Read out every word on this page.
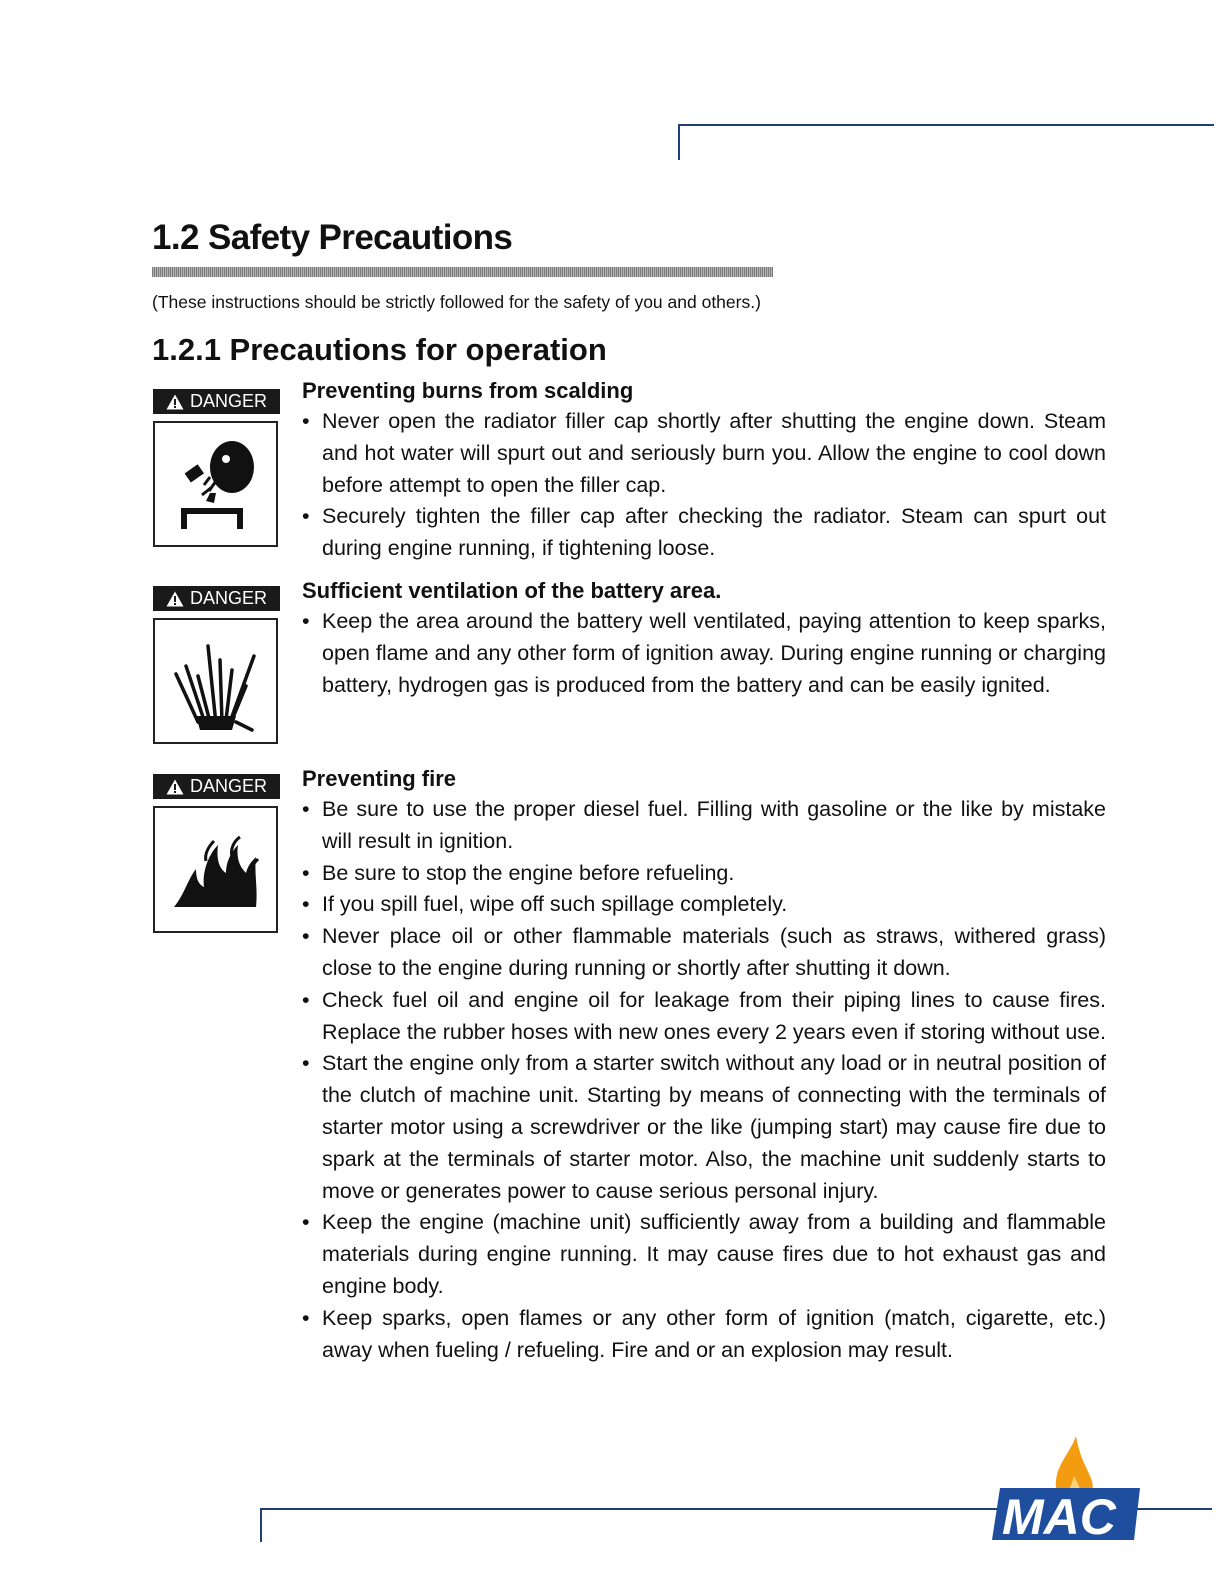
1.2 Safety Precautions
(These instructions should be strictly followed for the safety of you and others.)
1.2.1 Precautions for operation
DANGER Preventing burns from scalding
• Never open the radiator filler cap shortly after shutting the engine down. Steam and hot water will spurt out and seriously burn you. Allow the engine to cool down before attempt to open the filler cap.
• Securely tighten the filler cap after checking the radiator. Steam can spurt out during engine running, if tightening loose.
DANGER Sufficient ventilation of the battery area.
• Keep the area around the battery well ventilated, paying attention to keep sparks, open flame and any other form of ignition away. During engine running or charging battery, hydrogen gas is produced from the battery and can be easily ignited.
DANGER Preventing fire
• Be sure to use the proper diesel fuel. Filling with gasoline or the like by mistake will result in ignition.
• Be sure to stop the engine before refueling.
• If you spill fuel, wipe off such spillage completely.
• Never place oil or other flammable materials (such as straws, withered grass) close to the engine during running or shortly after shutting it down.
• Check fuel oil and engine oil for leakage from their piping lines to cause fires. Replace the rubber hoses with new ones every 2 years even if storing without use.
• Start the engine only from a starter switch without any load or in neutral position of the clutch of machine unit. Starting by means of connecting with the terminals of starter motor using a screwdriver or the like (jumping start) may cause fire due to spark at the terminals of starter motor. Also, the machine unit suddenly starts to move or generates power to cause serious personal injury.
• Keep the engine (machine unit) sufficiently away from a building and flammable materials during engine running. It may cause fires due to hot exhaust gas and engine body.
• Keep sparks, open flames or any other form of ignition (match, cigarette, etc.) away when fueling / refueling. Fire and or an explosion may result.
MAC TM
